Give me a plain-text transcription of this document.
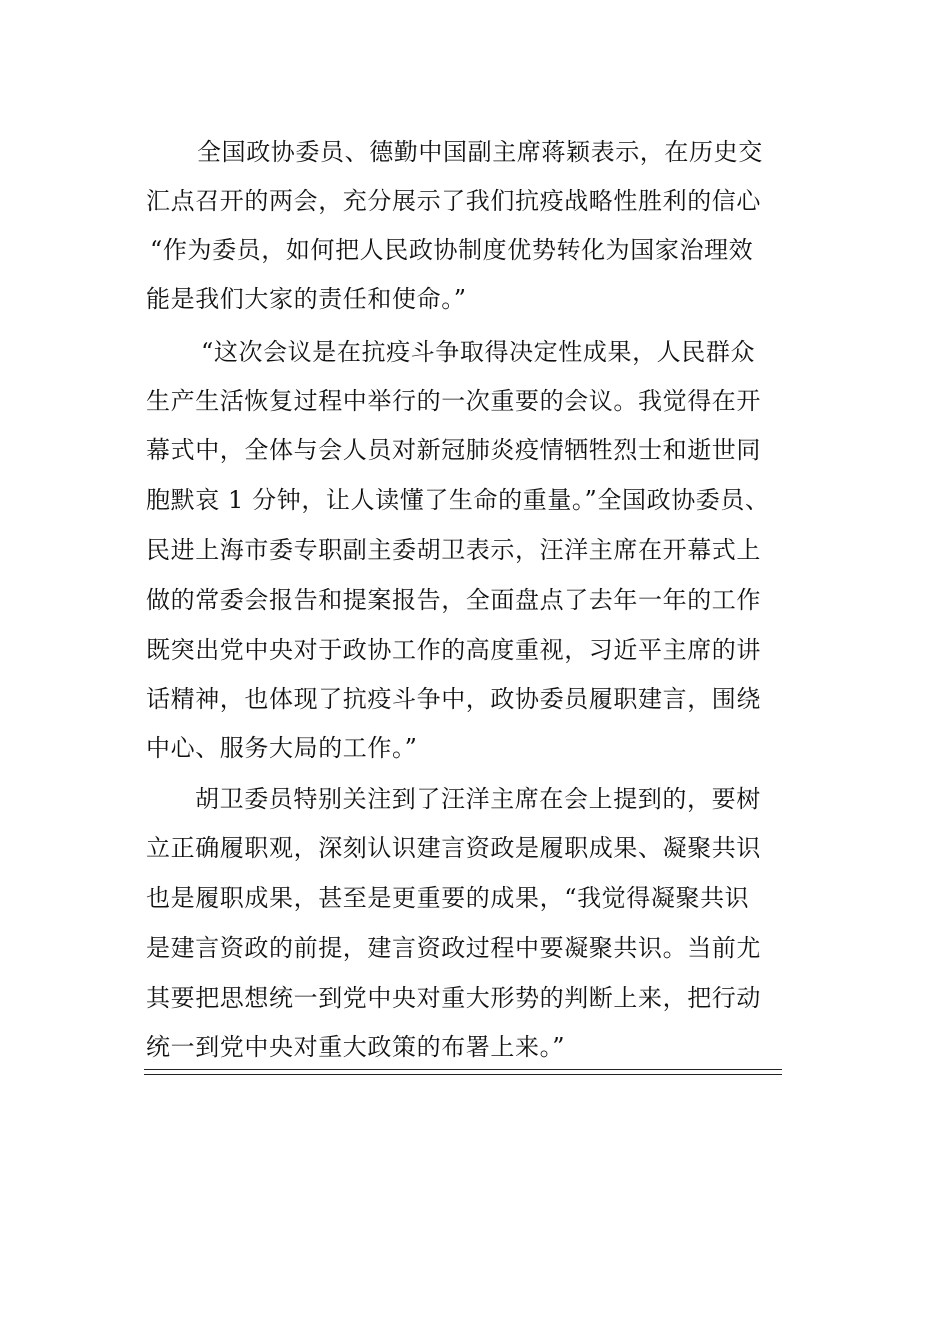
全国政协委员、德勤中国副主席蒋颖表示，在历史交
汇点召开的两会，充分展示了我们抗疫战略性胜利的信心
“作为委员，如何把人民政协制度优势转化为国家治理效
能是我们大家的责任和使命。”
“这次会议是在抗疫斗争取得决定性成果，人民群众
生产生活恢复过程中举行的一次重要的会议。我觉得在开
幕式中，全体与会人员对新冠肺炎疫情牺牲烈士和逝世同
胞默哀 1 分钟，让人读懂了生命的重量。”全国政协委员、
民进上海市委专职副主委胡卫表示，汪洋主席在开幕式上
做的常委会报告和提案报告，全面盘点了去年一年的工作
既突出党中央对于政协工作的高度重视，习近平主席的讲
话精神，也体现了抗疫斗争中，政协委员履职建言，围绕
中心、服务大局的工作。”
胡卫委员特别关注到了汪洋主席在会上提到的，要树
立正确履职观，深刻认识建言资政是履职成果、凝聚共识
也是履职成果，甚至是更重要的成果，“我觉得凝聚共识
是建言资政的前提，建言资政过程中要凝聚共识。当前尤
其要把思想统一到党中央对重大形势的判断上来，把行动
统一到党中央对重大政策的布署上来。”
